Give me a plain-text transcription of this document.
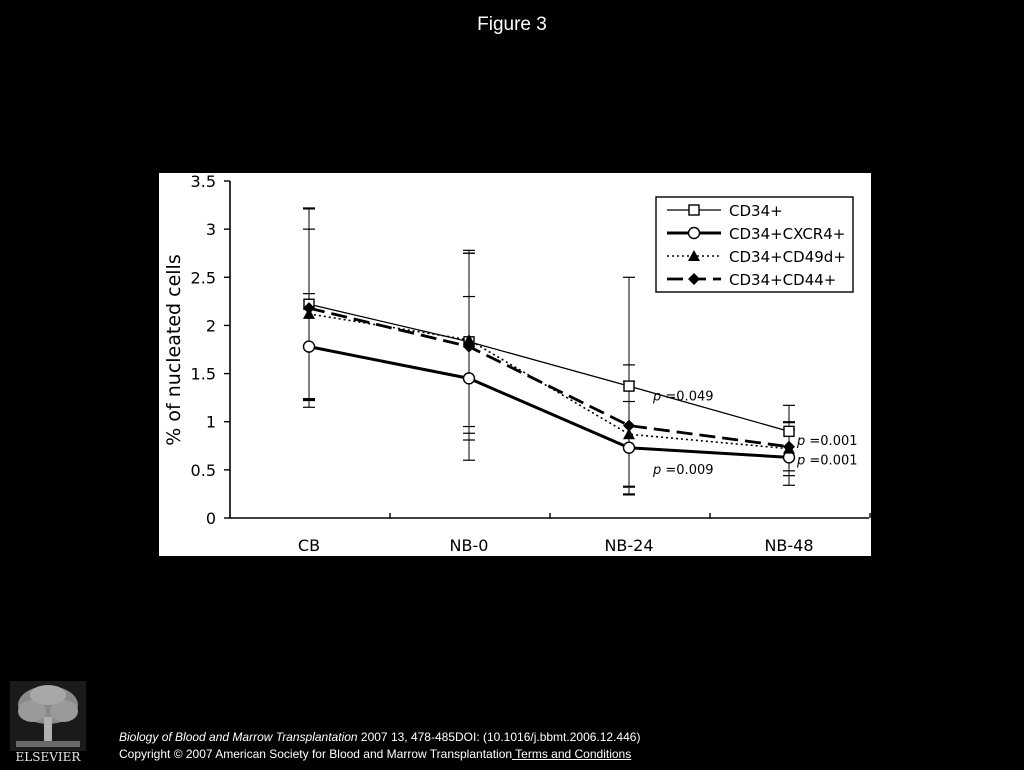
Figure 3
% of nucleated cells
0
0.5
1
1.5
2
2.5
3
3.5
CB	NB-0	NB-24	NB-48
p =0.049
p =0.009
p =0.001
p =0.001
CD34+
CD34+CXCR4+
CD34+CD49d+
CD34+CD44+
ELSEVIER
Biology of Blood and Marrow Transplantation 2007 13, 478-485DOI: (10.1016/j.bbmt.2006.12.446)
Copyright © 2007 American Society for Blood and Marrow Transplantation Terms and Conditions
